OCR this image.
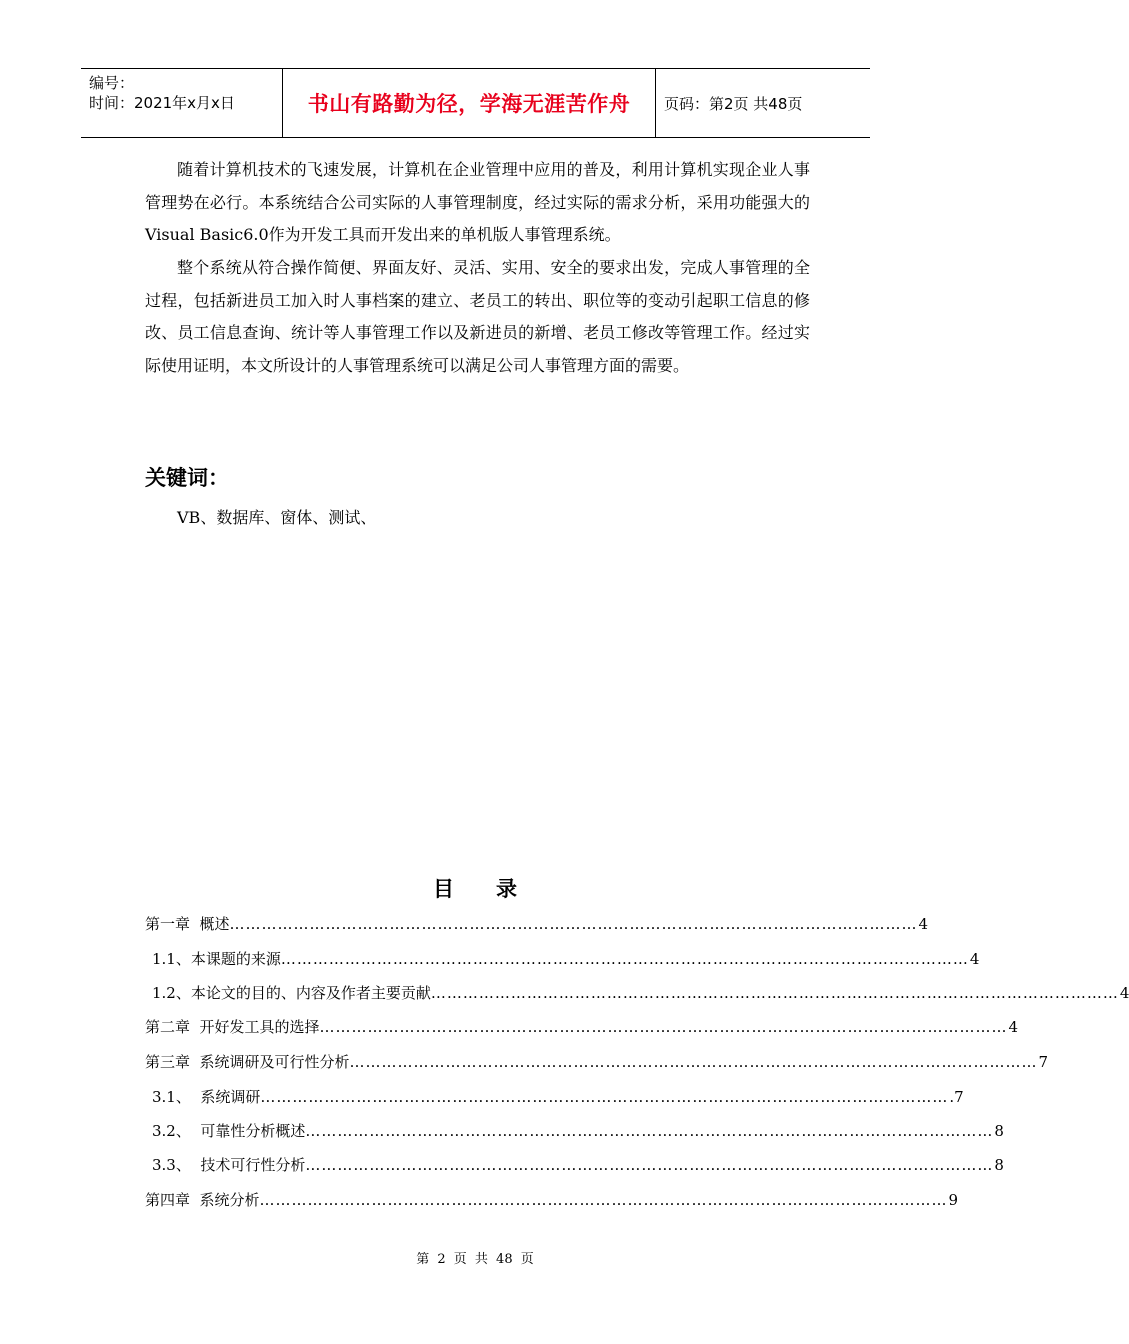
编号：
时间：2021年x月x日	书山有路勤为径，学海无涯苦作舟	页码：第2页 共48页

随着计算机技术的飞速发展，计算机在企业管理中应用的普及，利用计算机实现企业人事管理势在必行。本系统结合公司实际的人事管理制度，经过实际的需求分析，采用功能强大的Visual Basic6.0作为开发工具而开发出来的单机版人事管理系统。

整个系统从符合操作简便、界面友好、灵活、实用、安全的要求出发，完成人事管理的全过程，包括新进员工加入时人事档案的建立、老员工的转出、职位等的变动引起职工信息的修改、员工信息查询、统计等人事管理工作以及新进员的新增、老员工修改等管理工作。经过实际使用证明，本文所设计的人事管理系统可以满足公司人事管理方面的需要。

关键词：
VB、数据库、窗体、测试、
目 录
第一章  概述 ………………………………………………………………………………………………………………… 4
1.1、本课题的来源 ………………………………………………………………………………………………………………… 4
1.2、本论文的目的、内容及作者主要贡献 ………………………………………………………………………………………………………………… 4
第二章  开好发工具的选择 ………………………………………………………………………………………………………………… 4
第三章  系统调研及可行性分析 ………………………………………………………………………………………………………………… 7
3.1、  系统调研 ………………………………………………………………………………………………………………… .7
3.2、  可靠性分析概述 ………………………………………………………………………………………………………………… 8
3.3、  技术可行性分析 ………………………………………………………………………………………………………………… 8
第四章  系统分析 ………………………………………………………………………………………………………………… 9
第 2 页 共 48 页
